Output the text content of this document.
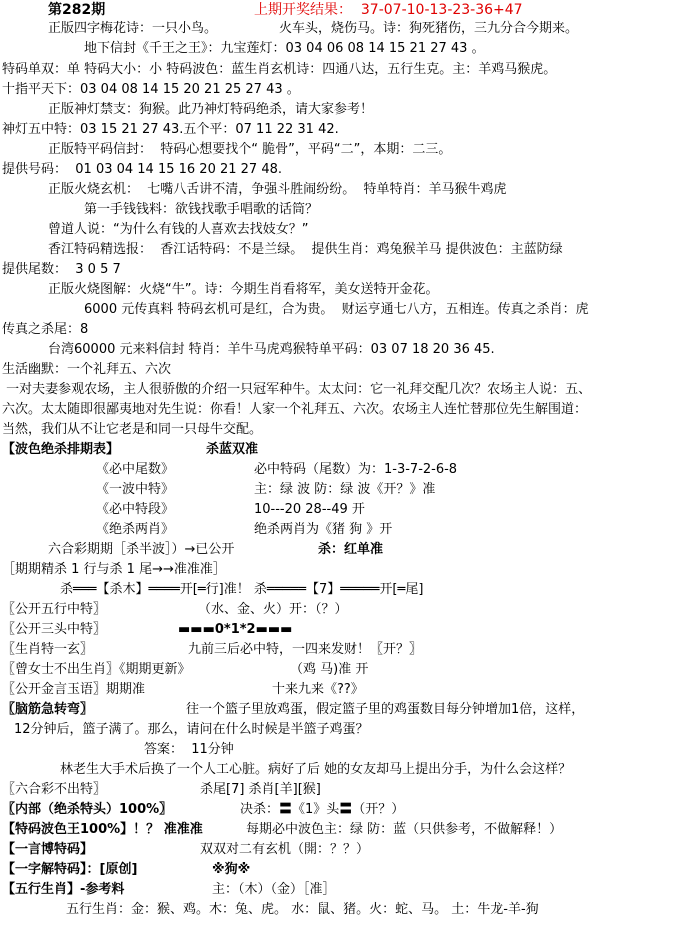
第282期	上期开奖结果：  37-07-10-13-23-36+47
正版四字梅花诗：一只小鸟。               火车头，烧伤马。诗：狗死猪伤，三九分合今期来。
地下信封《千王之王》：九宝莲灯：03 04 06 08 14 15 21 27 43 。
特码单双：单 特码大小：小 特码波色：蓝生肖玄机诗：四通八达，五行生克。主：羊鸡马猴虎。
十指平天下：03 04 08 14 15 20 21 25 27 43 。
正版神灯禁支：狗猴。此乃神灯特码绝杀，请大家参考！
神灯五中特：03 15 21 27 43.五个平：07 11 22 31 42.
正版特平码信封：  特码心想要找个“ 脆骨”，平码“二”，本期：二三。
提供号码：  01 03 04 14 15 16 20 21 27 48.
正版火烧玄机：  七嘴八舌讲不清，争强斗胜闹纷纷。  特单特肖：羊马猴牛鸡虎
第一手钱钱料：欲钱找歌手唱歌的话筒？
曾道人说：“为什么有钱的人喜欢去找妓女？”
香江特码精选报：  香江话特码：不是兰绿。  提供生肖：鸡兔猴羊马 提供波色：主蓝防绿
提供尾数：  3 0 5 7
正版火烧图解：火烧“牛”。诗：今期生肖看将军，美女送特开金花。
6000 元传真料 特码玄机可是红，合为贵。  财运亨通七八方，五相连。传真之杀肖：虎
传真之杀尾：8
台湾60000 元来料信封 特肖：羊牛马虎鸡猴特单平码：03 07 18 20 36 45.
生活幽默：一个礼拜五、六次
一对夫妻参观农场，主人很骄傲的介绍一只冠军种牛。太太问：它一礼拜交配几次？农场主人说：五、
六次。太太随即很鄙夷地对先生说：你看！人家一个礼拜五、六次。农场主人连忙替那位先生解围道：
当然，我们从不让它老是和同一只母牛交配。
【波色绝杀排期表】	杀蓝双准
《必中尾数》	必中特码（尾数）为：1-3-7-2-6-8
《一波中特》	主：绿 波 防：绿 波《开？》准
《必中特段》	10---20 28--49 开
《绝杀两肖》	绝杀两肖为《猪 狗 》开
六合彩期期［杀半波］）→已公开	杀：红单准
［期期精杀 1 行与杀 1 尾→→准准准］
杀═══【杀木】════开[═行]准！ 杀═════【7】═════开[═尾]
〖公开五行中特〗	（水、金、火）开：（？）
〖公开三头中特〗	▬▬▬0*1*2▬▬▬
〖生肖特一玄〗	九前三后必中特，一四来发财！〖开？〗
〖曾女士不出生肖〗《期期更新》	（鸡 马)准 开
〖公开金言玉语〗期期准	十来九来《??》
〖脑筋急转弯〗	往一个篮子里放鸡蛋，假定篮子里的鸡蛋数目每分钟增加1倍，这样，
12分钟后，篮子满了。那么，请问在什么时候是半篮子鸡蛋？
答案：  11分钟
林老生大手术后换了一个人工心脏。病好了后 她的女友却马上提出分手，为什么会这样？
〖六合彩不出特〗	杀尾[7] 杀肖[羊][猴]
〖内部（绝杀特头）100%〗	决杀：〓《1》头〓（开？）
【特码波色王100%】！？ 准准准	每期必中波色主：绿 防：蓝（只供参考，不做解释！）
【一言博特码】	双双对二有玄机（開：？？）
【一字解特码】：[原创]	※狗※
【五行生肖】-参考料	主：（木）（金）［准］
五行生肖：金：猴、鸡。木：兔、虎。 水：鼠、猪。火：蛇、马。 土：牛龙-羊-狗
